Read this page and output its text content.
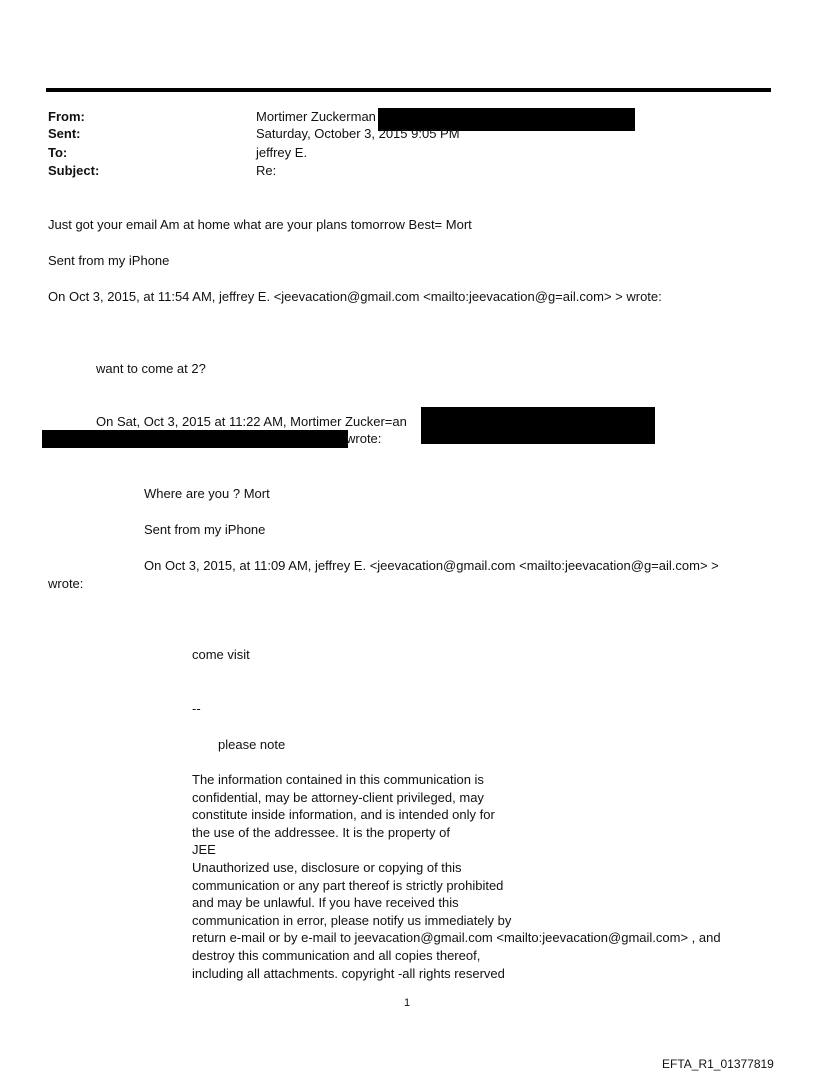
From:	Mortimer Zuckerman
Sent:	Saturday, October 3, 2015 9:05 PM
To:	jeffrey E.
Subject:	Re:
Just got your email Am at home what are your plans tomorrow Best= Mort
Sent from my iPhone
On Oct 3, 2015, at 11:54 AM, jeffrey E. <jeevacation@gmail.com <mailto:jeevacation@g=ail.com> > wrote:
want to come at 2?
On Sat, Oct 3, 2015 at 11:22 AM, Mortimer Zucker=an
wrote:
Where are you ? Mort
Sent from my iPhone
On Oct 3, 2015, at 11:09 AM, jeffrey E. <jeevacation@gmail.com <mailto:jeevacation@g=ail.com> >
wrote:
come visit
--
please note
The information contained in this communication is
confidential, may be attorney-client privileged, may
constitute inside information, and is intended only for
the use of the addressee. It is the property of
JEE
Unauthorized use, disclosure or copying of this
communication or any part thereof is strictly prohibited
and may be unlawful. If you have received this
communication in error, please notify us immediately by
return e-mail or by e-mail to jeevacation@gmail.com <mailto:jeevacation@gmail.com> , and
destroy this communication and all copies thereof,
including all attachments. copyright -all rights reserved
1
EFTA_R1_01377819
